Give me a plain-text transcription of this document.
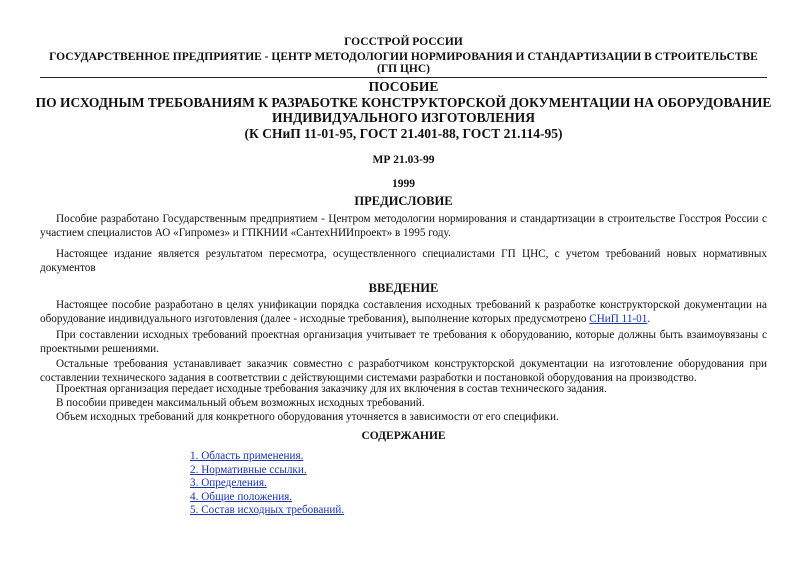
ГОССТРОЙ РОССИИ
ГОСУДАРСТВЕННОЕ ПРЕДПРИЯТИЕ - ЦЕНТР МЕТОДОЛОГИИ НОРМИРОВАНИЯ И СТАНДАРТИЗАЦИИ В СТРОИТЕЛЬСТВЕ (ГП ЦНС)
ПОСОБИЕ
ПО ИСХОДНЫМ ТРЕБОВАНИЯМ К РАЗРАБОТКЕ КОНСТРУКТОРСКОЙ ДОКУМЕНТАЦИИ НА ОБОРУДОВАНИЕ
ИНДИВИДУАЛЬНОГО ИЗГОТОВЛЕНИЯ
(К СНиП 11-01-95, ГОСТ 21.401-88, ГОСТ 21.114-95)
МР 21.03-99
1999
ПРЕДИСЛОВИЕ

Пособие разработано Государственным предприятием - Центром методологии нормирования и стандартизации в строительстве Госстроя России с участием специалистов АО «Гипромез» и ГПКНИИ «СантехНИИпроект» в 1995 году.

Настоящее издание является результатом пересмотра, осуществленного специалистами ГП ЦНС, с учетом требований новых нормативных документов

ВВЕДЕНИЕ

Настоящее пособие разработано в целях унификации порядка составления исходных требований к разработке конструкторской документации на оборудование индивидуального изготовления (далее - исходные требования), выполнение которых предусмотрено СНиП 11-01.

При составлении исходных требований проектная организация учитывает те требования к оборудованию, которые должны быть взаимоувязаны с проектными решениями.

Остальные требования устанавливает заказчик совместно с разработчиком конструкторской документации на изготовление оборудования при составлении технического задания в соответствии с действующими системами разработки и постановкой оборудования на производство.

Проектная организация передает исходные требования заказчику для их включения в состав технического задания.

В пособии приведен максимальный объем возможных исходных требований.

Объем исходных требований для конкретного оборудования уточняется в зависимости от его специфики.

СОДЕРЖАНИЕ
1. Область применения.
2. Нормативные ссылки.
3. Определения.
4. Общие положения.
5. Состав исходных требований.
